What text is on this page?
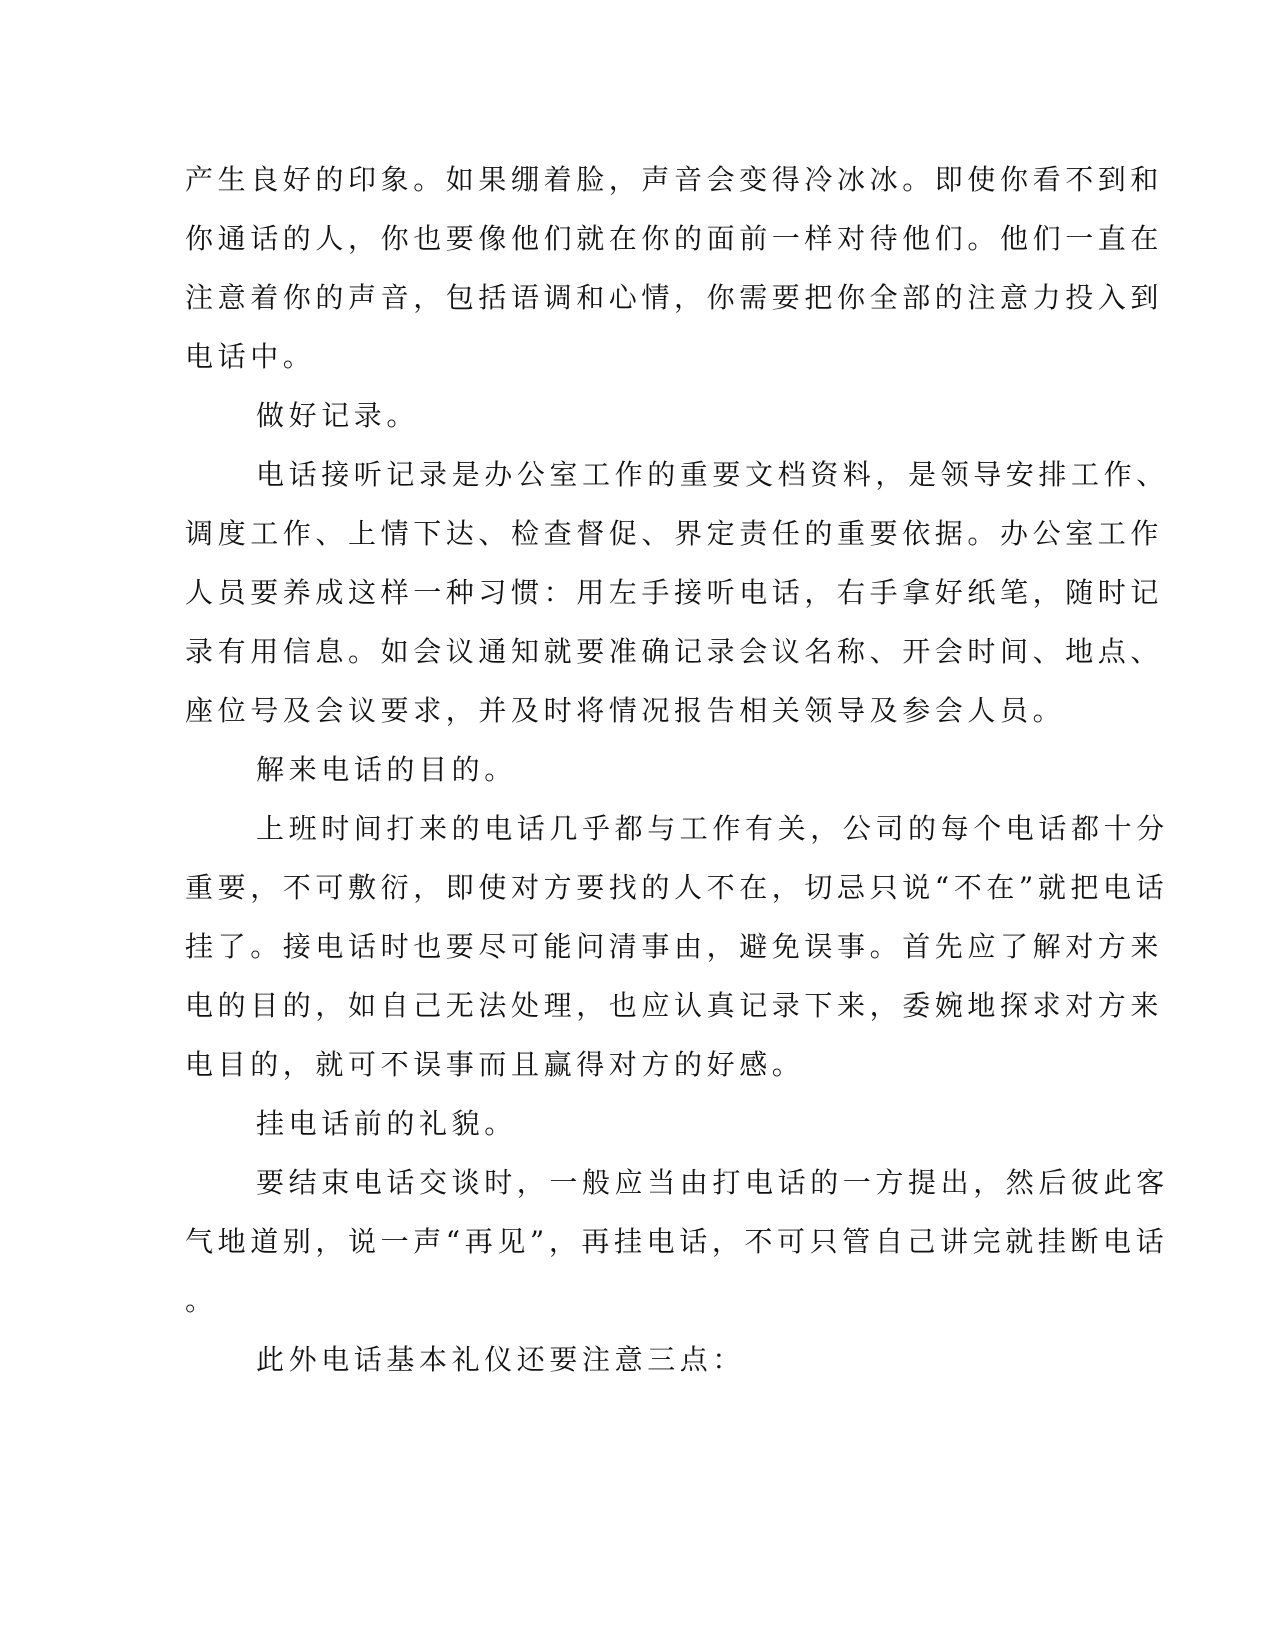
产生良好的印象。如果绷着脸，声音会变得冷冰冰。即使你看不到和
你通话的人，你也要像他们就在你的面前一样对待他们。他们一直在
注意着你的声音，包括语调和心情，你需要把你全部的注意力投入到
电话中。
做好记录。
电话接听记录是办公室工作的重要文档资料，是领导安排工作、
调度工作、上情下达、检查督促、界定责任的重要依据。办公室工作
人员要养成这样一种习惯：用左手接听电话，右手拿好纸笔，随时记
录有用信息。如会议通知就要准确记录会议名称、开会时间、地点、
座位号及会议要求，并及时将情况报告相关领导及参会人员。
解来电话的目的。
上班时间打来的电话几乎都与工作有关，公司的每个电话都十分
重要，不可敷衍，即使对方要找的人不在，切忌只说“不在”就把电话
挂了。接电话时也要尽可能问清事由，避免误事。首先应了解对方来
电的目的，如自己无法处理，也应认真记录下来，委婉地探求对方来
电目的，就可不误事而且赢得对方的好感。
挂电话前的礼貌。
要结束电话交谈时，一般应当由打电话的一方提出，然后彼此客
气地道别，说一声“再见”，再挂电话，不可只管自己讲完就挂断电话
。
此外电话基本礼仪还要注意三点：
